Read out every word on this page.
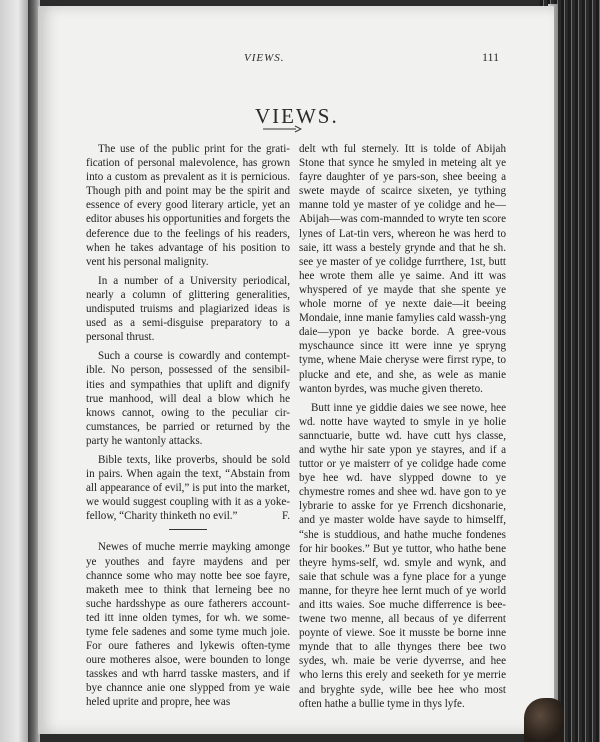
VIEWS.	111
VIEWS.

The use of the public print for the grati-fication of personal malevolence, has grown into a custom as prevalent as it is pernicious. Though pith and point may be the spirit and essence of every good literary article, yet an editor abuses his opportunities and forgets the deference due to the feelings of his readers, when he takes advantage of his position to vent his personal malignity.

In a number of a University periodical, nearly a column of glittering generalities, undisputed truisms and plagiarized ideas is used as a semi-disguise preparatory to a personal thrust.

Such a course is cowardly and contempt-ible. No person, possessed of the sensibil-ities and sympathies that uplift and dignify true manhood, will deal a blow which he knows cannot, owing to the peculiar cir-cumstances, be parried or returned by the party he wantonly attacks.

Bible texts, like proverbs, should be sold in pairs. When again the text, “Abstain from all appearance of evil,” is put into the market, we would suggest coupling with it as a yoke-fellow, “Charity thinketh no evil.”	F.

Newes of muche merrie mayking amonge ye youthes and fayre maydens and per channce some who may notte bee soe fayre, maketh mee to think that lerneing bee no suche hardsshype as oure fatherers account-ted itt inne olden tymes, for wh. we some-tyme fele sadenes and some tyme much joie. For oure fatheres and lykewis often-tyme oure motheres alsoe, were bounden to longe tasskes and wth harrd tasske masters, and if bye channce anie one slypped from ye waie heled uprite and propre, hee was

delt wth ful sternely. Itt is tolde of Abijah Stone that synce he smyled in meteing alt ye fayre daughter of ye pars-son, shee beeing a swete mayde of scairce sixeten, ye tything manne told ye master of ye colidge and he—Abijah—was com-mannded to wryte ten score lynes of Lat-tin vers, whereon he was herd to saie, itt wass a bestely grynde and that he sh. see ye master of ye colidge furrthere, 1st, butt hee wrote them alle ye saime. And itt was whyspered of ye mayde that she spente ye whole morne of ye nexte daie—it beeing Mondaie, inne manie famylies cald wassh-yng daie—ypon ye backe borde. A gree-vous myschaunce since itt were inne ye spryng tyme, whene Maie cheryse were firrst rype, to plucke and ete, and she, as wele as manie wanton byrdes, was muche given thereto.

Butt inne ye giddie daies we see nowe, hee wd. notte have wayted to smyle in ye holie sannctuarie, butte wd. have cutt hys classe, and wythe hir sate ypon ye stayres, and if a tuttor or ye maisterr of ye colidge hade come bye hee wd. have slypped downe to ye chymestre romes and shee wd. have gon to ye lybrarie to asske for ye Frrench dicshonarie, and ye master wolde have sayde to himselff, “she is studdious, and hathe muche fondenes for hir bookes.” But ye tuttor, who hathe bene theyre hyms-self, wd. smyle and wynk, and saie that schule was a fyne place for a yunge manne, for theyre hee lernt much of ye world and itts waies. Soe muche differrence is bee-twene two menne, all becaus of ye diferrent poynte of viewe. Soe it musste be borne inne mynde that to alle thynges there bee two sydes, wh. maie be verie dyverrse, and hee who lerns this erely and seeketh for ye merrie and bryghte syde, wille bee hee who most often hathe a bullie tyme in thys lyfe.
